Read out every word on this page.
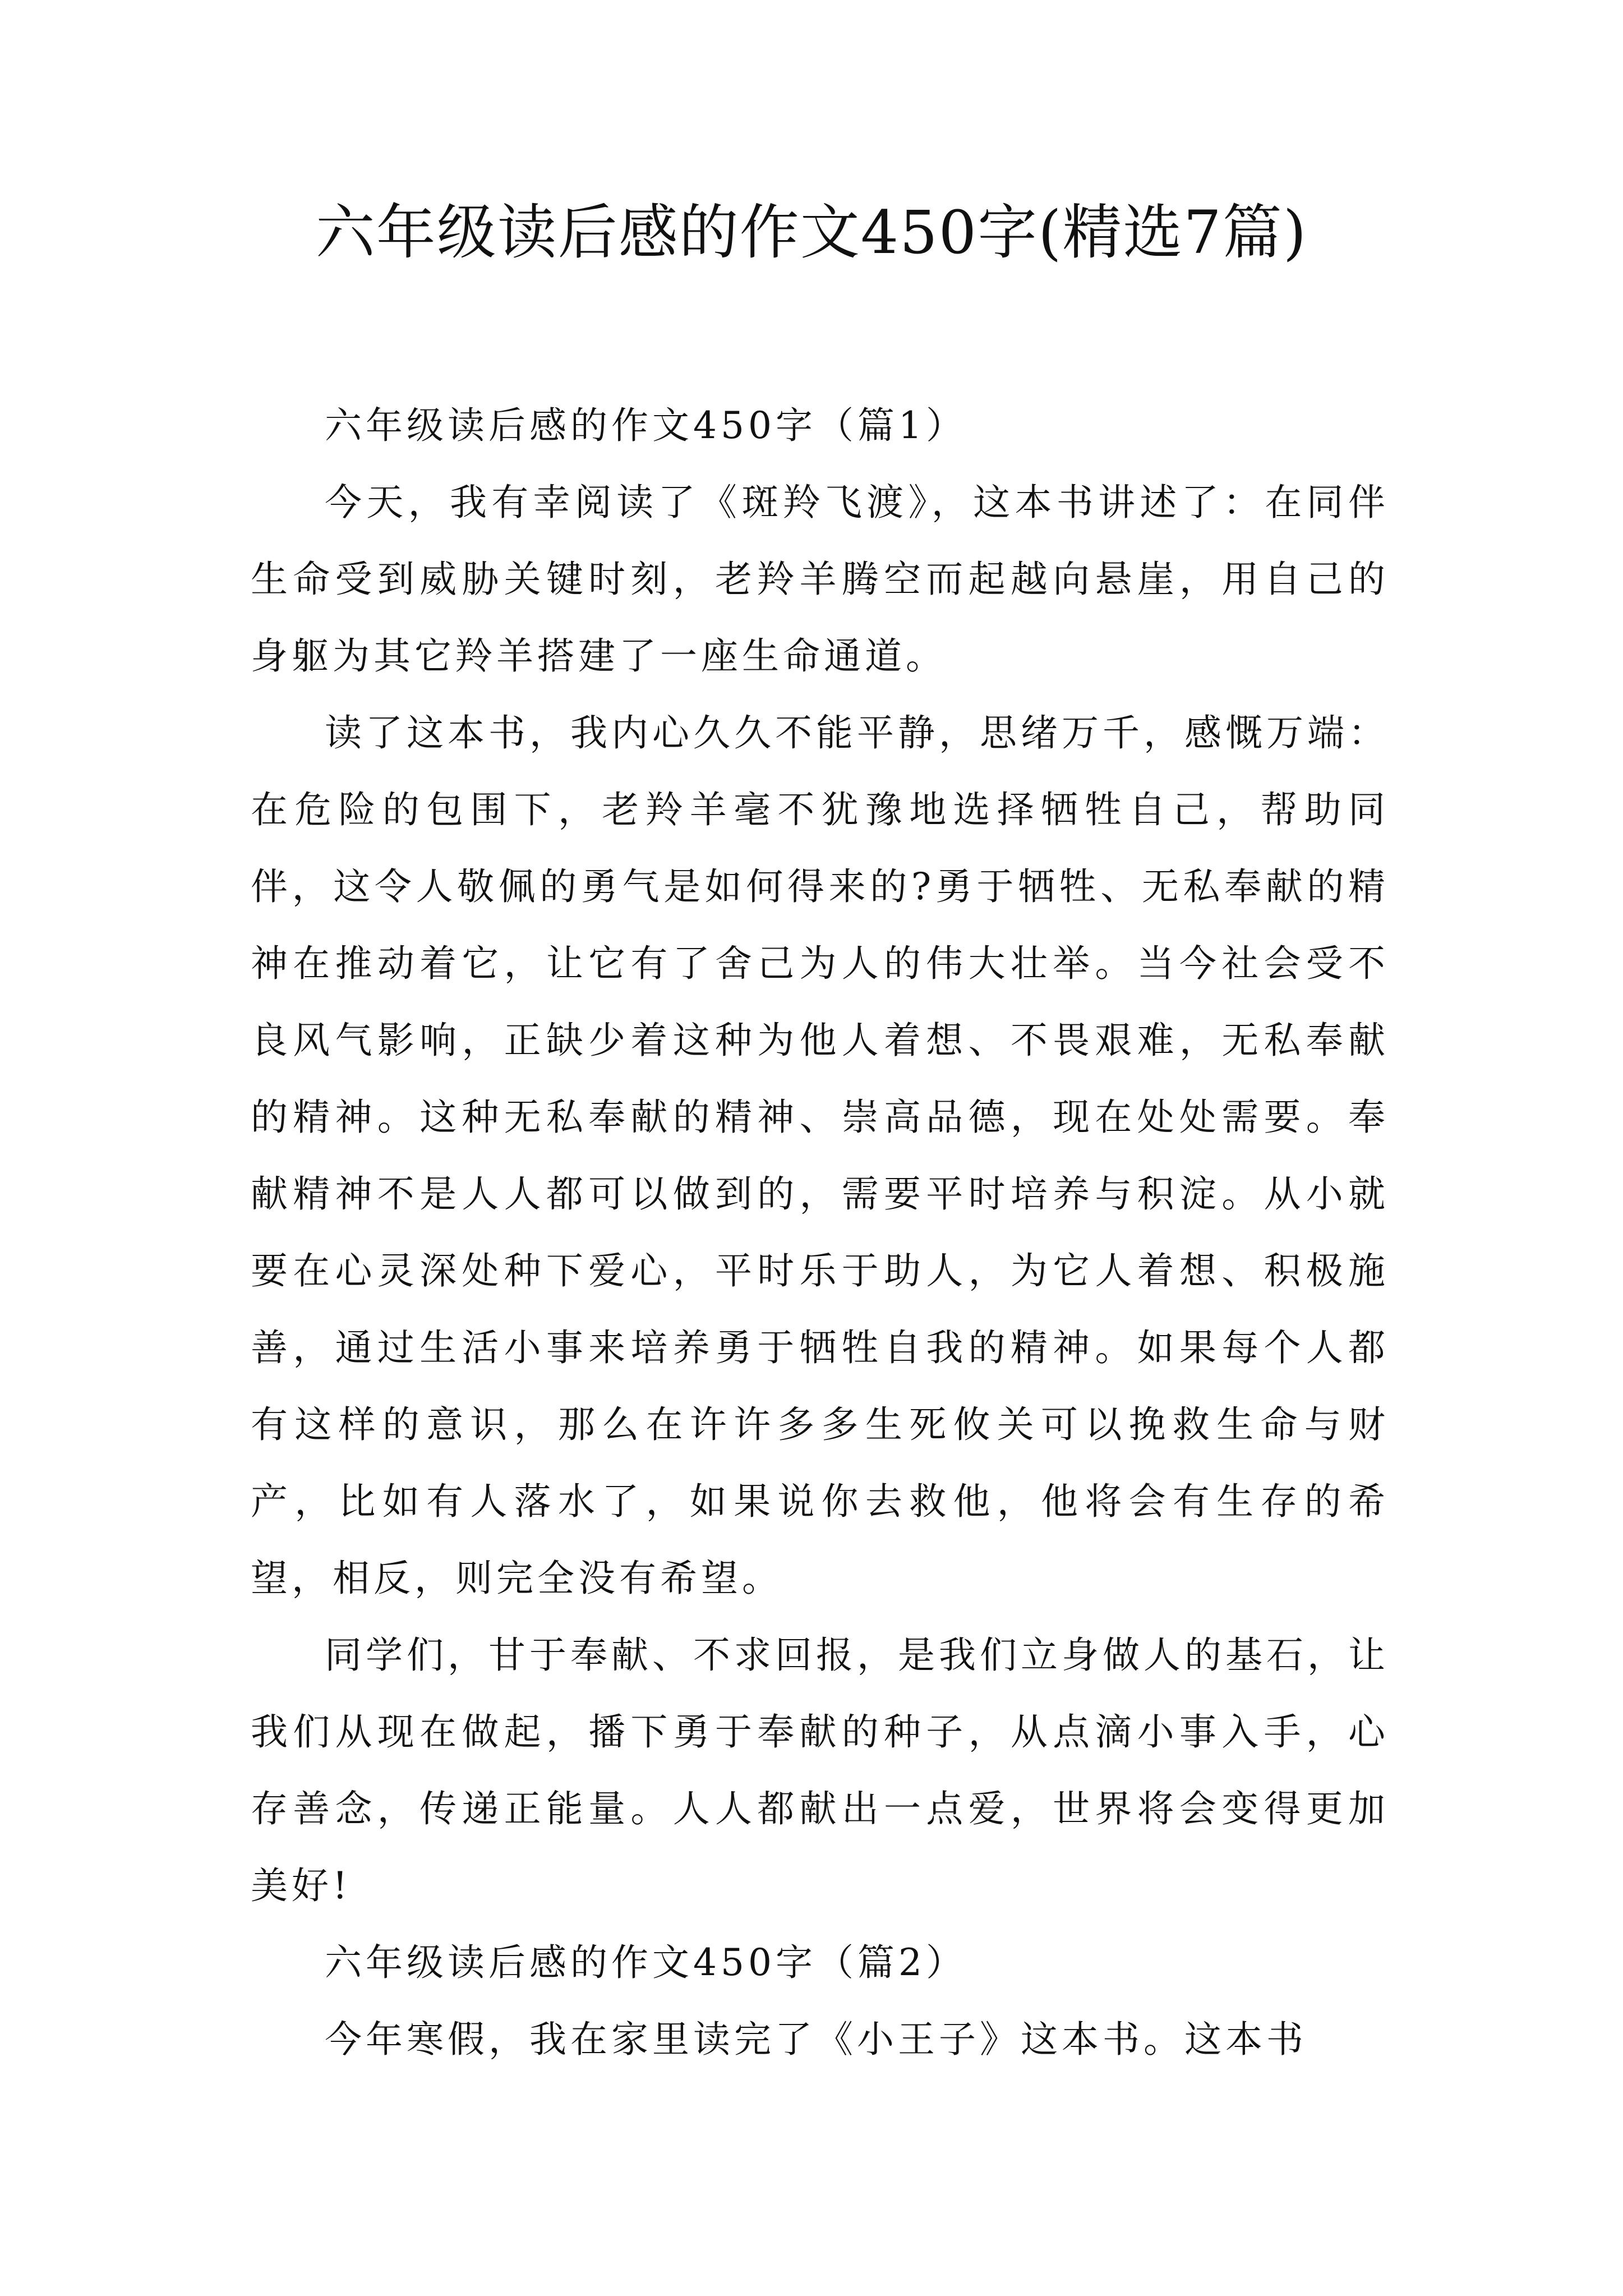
六年级读后感的作文450字(精选7篇)

六年级读后感的作文450字（篇1）

今天，我有幸阅读了《斑羚飞渡》，这本书讲述了：在同伴生命受到威胁关键时刻，老羚羊腾空而起越向悬崖，用自己的身躯为其它羚羊搭建了一座生命通道。

读了这本书，我内心久久不能平静，思绪万千，感慨万端：在危险的包围下，老羚羊毫不犹豫地选择牺牲自己，帮助同伴，这令人敬佩的勇气是如何得来的?勇于牺牲、无私奉献的精神在推动着它，让它有了舍己为人的伟大壮举。当今社会受不良风气影响，正缺少着这种为他人着想、不畏艰难，无私奉献的精神。这种无私奉献的精神、崇高品德，现在处处需要。奉献精神不是人人都可以做到的，需要平时培养与积淀。从小就要在心灵深处种下爱心，平时乐于助人，为它人着想、积极施善，通过生活小事来培养勇于牺牲自我的精神。如果每个人都有这样的意识，那么在许许多多生死攸关可以挽救生命与财产，比如有人落水了，如果说你去救他，他将会有生存的希望，相反，则完全没有希望。

同学们，甘于奉献、不求回报，是我们立身做人的基石，让我们从现在做起，播下勇于奉献的种子，从点滴小事入手，心存善念，传递正能量。人人都献出一点爱，世界将会变得更加美好!

六年级读后感的作文450字（篇2）

今年寒假，我在家里读完了《小王子》这本书。这本书
